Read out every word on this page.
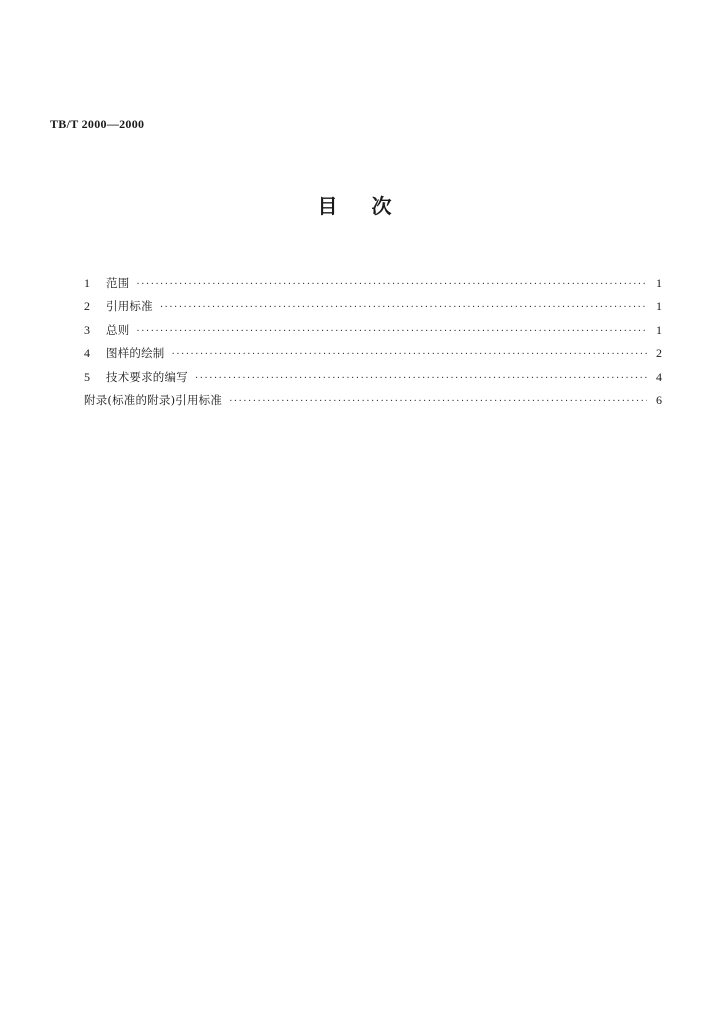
TB/T 2000—2000
目次
1	范围 ·····	1
2	引用标准 ·····	1
3	总则 ·····	1
4	图样的绘制 ·····	2
5	技术要求的编写 ·····	4
附录(标准的附录)引用标准 ·····	6
